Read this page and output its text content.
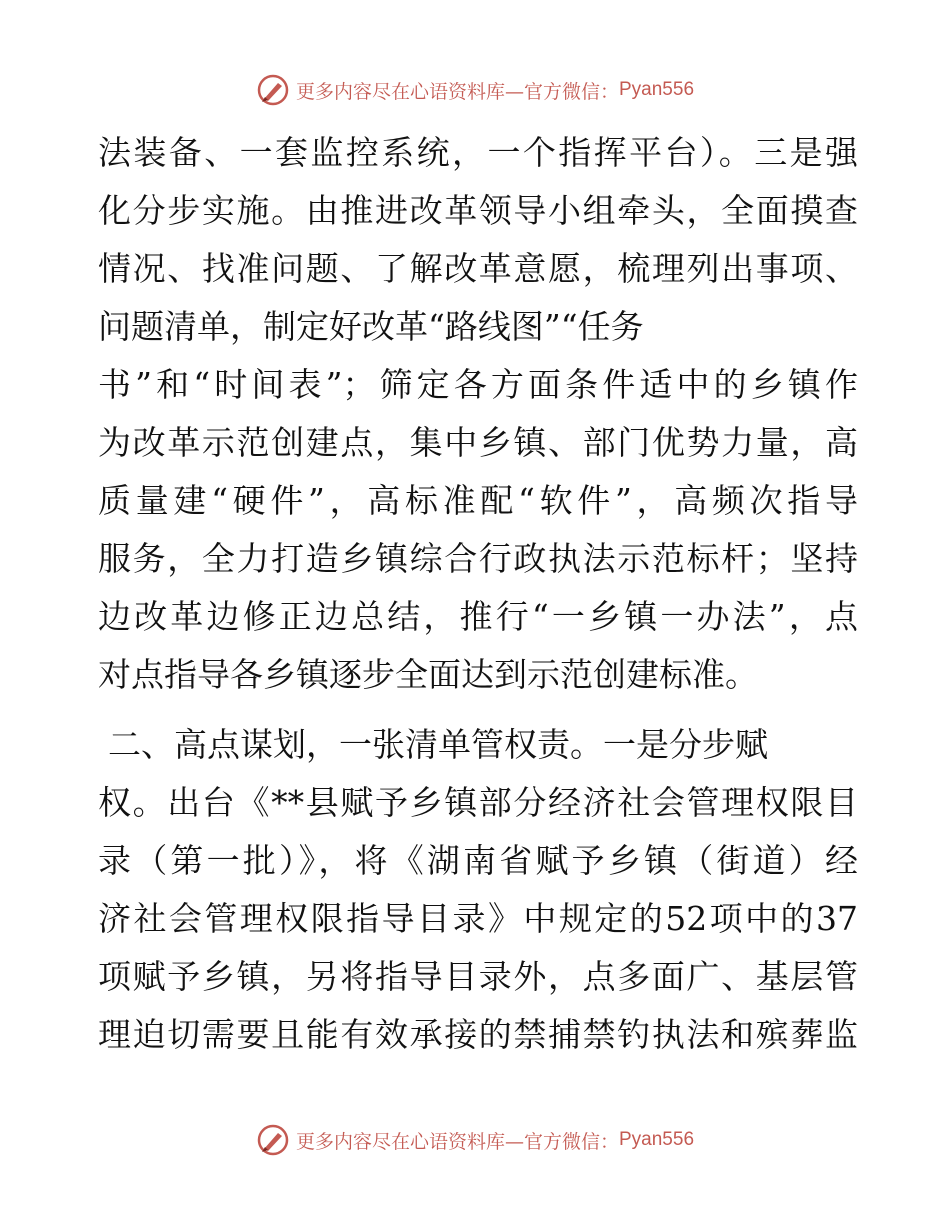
更多内容尽在心语资料库—官方微信： Pyan556
法装备、一套监控系统，一个指挥平台）。三是强
化分步实施。由推进改革领导小组牵头，全面摸查
情况、找准问题、了解改革意愿，梳理列出事项、
问题清单，制定好改革“路线图”“任务
书”和“时间表”；筛定各方面条件适中的乡镇作
为改革示范创建点，集中乡镇、部门优势力量，高
质量建“硬件”，高标准配“软件”，高频次指导
服务，全力打造乡镇综合行政执法示范标杆；坚持
边改革边修正边总结，推行“一乡镇一办法”，点
对点指导各乡镇逐步全面达到示范创建标准。
二、高点谋划，一张清单管权责。一是分步赋
权。出台《**县赋予乡镇部分经济社会管理权限目
录（第一批）》，将《湖南省赋予乡镇（街道）经
济社会管理权限指导目录》中规定的52项中的37
项赋予乡镇，另将指导目录外，点多面广、基层管
理迫切需要且能有效承接的禁捕禁钓执法和殡葬监
更多内容尽在心语资料库—官方微信： Pyan556
